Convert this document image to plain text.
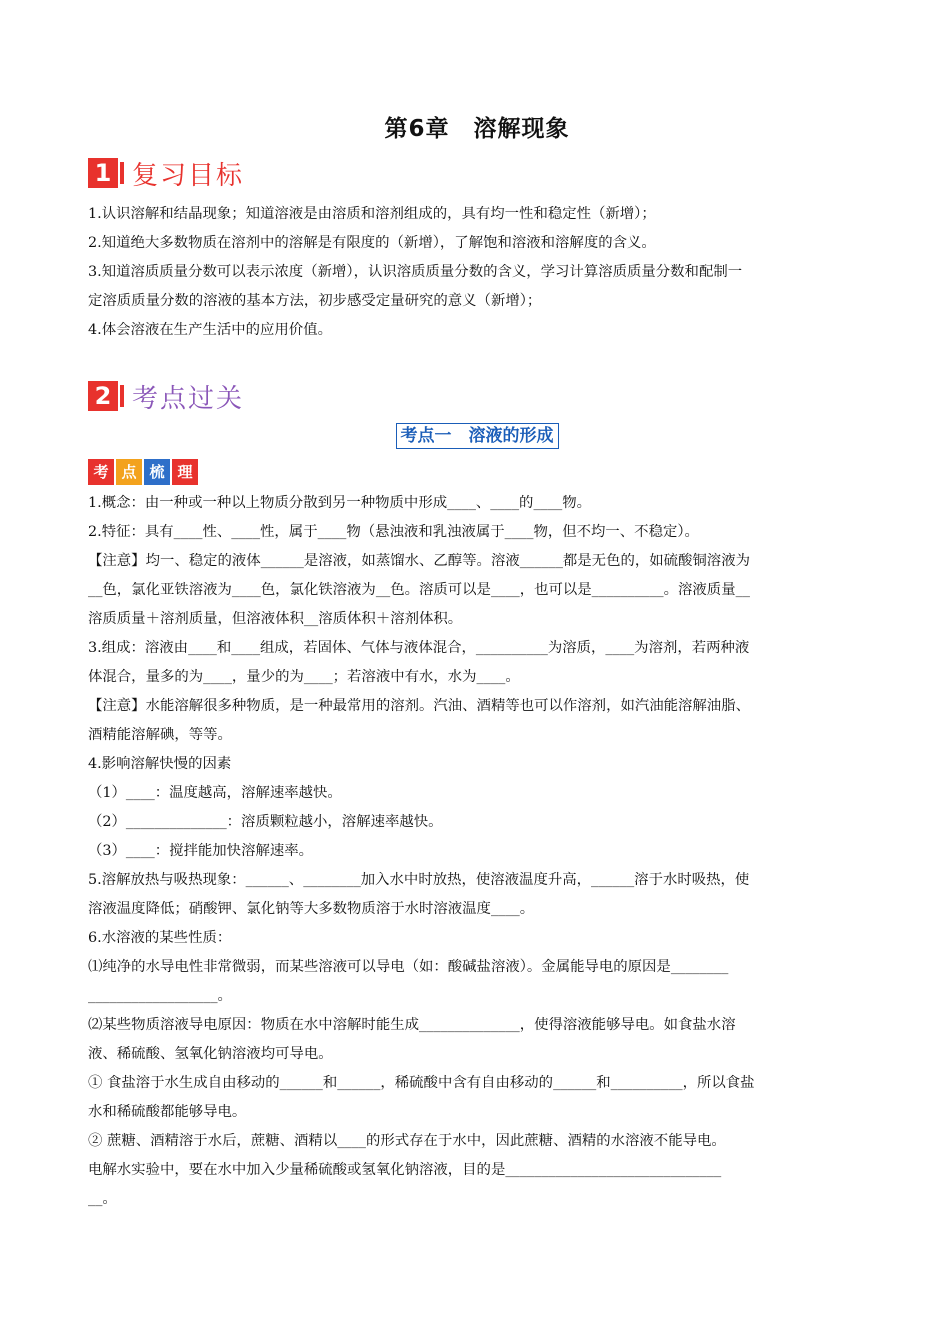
第6章　溶解现象
1 复习目标

1.认识溶解和结晶现象；知道溶液是由溶质和溶剂组成的，具有均一性和稳定性（新增）；

2.知道绝大多数物质在溶剂中的溶解是有限度的（新增），了解饱和溶液和溶解度的含义。

3.知道溶质质量分数可以表示浓度（新增），认识溶质质量分数的含义，学习计算溶质质量分数和配制一

定溶质质量分数的溶液的基本方法，初步感受定量研究的意义（新增）；

4.体会溶液在生产生活中的应用价值。

2 考点过关
考点一　溶液的形成
考 点 梳 理

1.概念：由一种或一种以上物质分散到另一种物质中形成____、____的____物。

2.特征：具有____性、____性，属于____物（悬浊液和乳浊液属于____物，但不均一、不稳定）。

【注意】均一、稳定的液体______是溶液，如蒸馏水、乙醇等。溶液______都是无色的，如硫酸铜溶液为

__色，氯化亚铁溶液为____色，氯化铁溶液为__色。溶质可以是____，也可以是__________。溶液质量__

溶质质量＋溶剂质量，但溶液体积__溶质体积＋溶剂体积。

3.组成：溶液由____和____组成，若固体、气体与液体混合，__________为溶质，____为溶剂，若两种液

体混合，量多的为____，量少的为____；若溶液中有水，水为____。

【注意】水能溶解很多种物质，是一种最常用的溶剂。汽油、酒精等也可以作溶剂，如汽油能溶解油脂、

酒精能溶解碘，等等。

4.影响溶解快慢的因素

（1）____：温度越高，溶解速率越快。

（2）______________：溶质颗粒越小，溶解速率越快。

（3）____：搅拌能加快溶解速率。

5.溶解放热与吸热现象：______、________加入水中时放热，使溶液温度升高，______溶于水时吸热，使

溶液温度降低；硝酸钾、氯化钠等大多数物质溶于水时溶液温度____。

6.水溶液的某些性质：

⑴纯净的水导电性非常微弱，而某些溶液可以导电（如：酸碱盐溶液）。金属能导电的原因是________

__________________。

⑵某些物质溶液导电原因：物质在水中溶解时能生成______________，使得溶液能够导电。如食盐水溶

液、稀硫酸、氢氧化钠溶液均可导电。

① 食盐溶于水生成自由移动的______和______，稀硫酸中含有自由移动的______和__________，所以食盐

水和稀硫酸都能够导电。

② 蔗糖、酒精溶于水后，蔗糖、酒精以____的形式存在于水中，因此蔗糖、酒精的水溶液不能导电。

电解水实验中，要在水中加入少量稀硫酸或氢氧化钠溶液，目的是______________________________

__。
